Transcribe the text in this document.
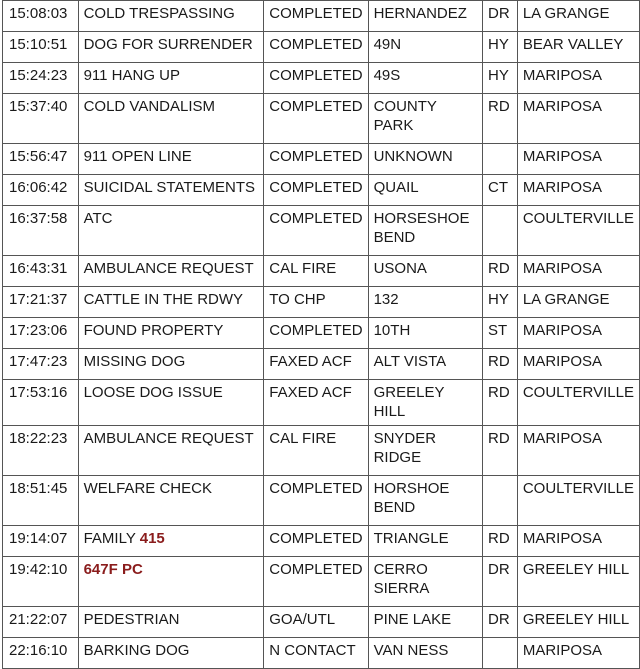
15:08:03	COLD TRESPASSING	COMPLETED	HERNANDEZ	DR	LA GRANGE
15:10:51	DOG FOR SURRENDER	COMPLETED	49N	HY	BEAR VALLEY
15:24:23	911 HANG UP	COMPLETED	49S	HY	MARIPOSA
15:37:40	COLD VANDALISM	COMPLETED	COUNTY PARK	RD	MARIPOSA
15:56:47	911 OPEN LINE	COMPLETED	UNKNOWN		MARIPOSA
16:06:42	SUICIDAL STATEMENTS	COMPLETED	QUAIL	CT	MARIPOSA
16:37:58	ATC	COMPLETED	HORSESHOE BEND		COULTERVILLE
16:43:31	AMBULANCE REQUEST	CAL FIRE	USONA	RD	MARIPOSA
17:21:37	CATTLE IN THE RDWY	TO CHP	132	HY	LA GRANGE
17:23:06	FOUND PROPERTY	COMPLETED	10TH	ST	MARIPOSA
17:47:23	MISSING DOG	FAXED ACF	ALT VISTA	RD	MARIPOSA
17:53:16	LOOSE DOG ISSUE	FAXED ACF	GREELEY HILL	RD	COULTERVILLE
18:22:23	AMBULANCE REQUEST	CAL FIRE	SNYDER RIDGE	RD	MARIPOSA
18:51:45	WELFARE CHECK	COMPLETED	HORSHOE BEND		COULTERVILLE
19:14:07	FAMILY 415	COMPLETED	TRIANGLE	RD	MARIPOSA
19:42:10	647F PC	COMPLETED	CERRO SIERRA	DR	GREELEY HILL
21:22:07	PEDESTRIAN	GOA/UTL	PINE LAKE	DR	GREELEY HILL
22:16:10	BARKING DOG	N CONTACT	VAN NESS		MARIPOSA
